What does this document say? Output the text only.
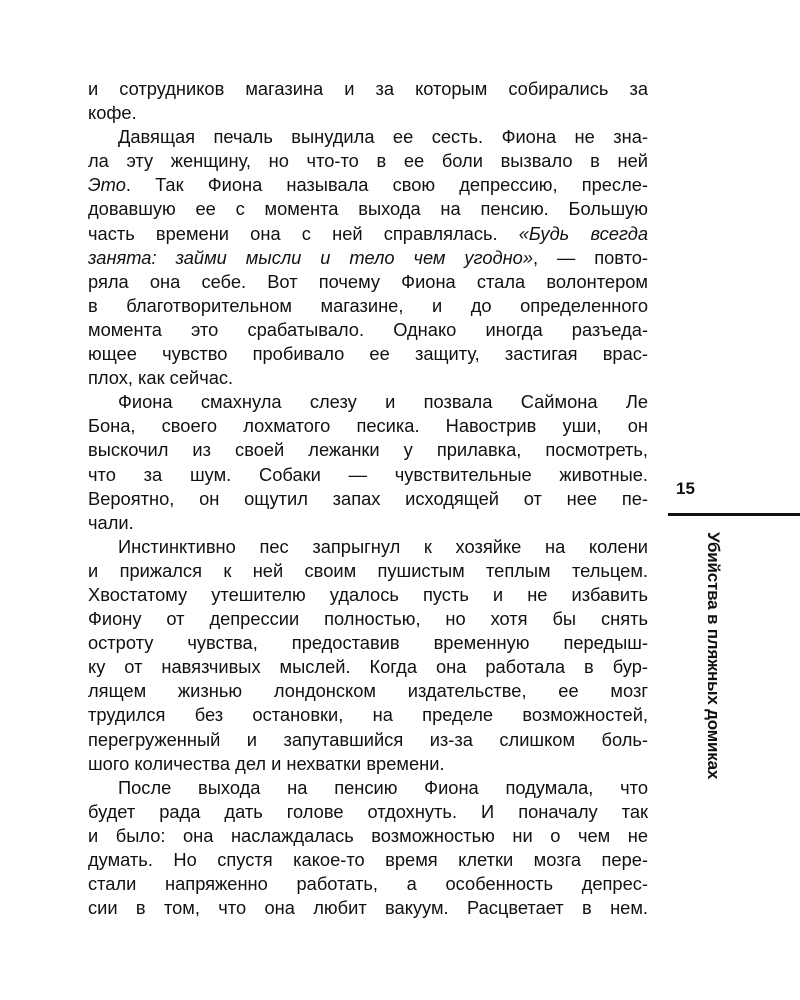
и сотрудников магазина и за которым собирались за
кофе.
Давящая печаль вынудила ее сесть. Фиона не зна-
ла эту женщину, но что-то в ее боли вызвало в ней
Это. Так Фиона называла свою депрессию, пресле-
довавшую ее с момента выхода на пенсию. Большую
часть времени она с ней справлялась. «Будь всегда
занята: займи мысли и тело чем угодно», — повто-
ряла она себе. Вот почему Фиона стала волонтером
в благотворительном магазине, и до определенного
момента это срабатывало. Однако иногда разъеда-
ющее чувство пробивало ее защиту, застигая врас-
плох, как сейчас.
Фиона смахнула слезу и позвала Саймона Ле
Бона, своего лохматого песика. Навострив уши, он
выскочил из своей лежанки у прилавка, посмотреть,
что за шум. Собаки — чувствительные животные.
Вероятно, он ощутил запах исходящей от нее пе-
чали.
Инстинктивно пес запрыгнул к хозяйке на колени
и прижался к ней своим пушистым теплым тельцем.
Хвостатому утешителю удалось пусть и не избавить
Фиону от депрессии полностью, но хотя бы снять
остроту чувства, предоставив временную передыш-
ку от навязчивых мыслей. Когда она работала в бур-
лящем жизнью лондонском издательстве, ее мозг
трудился без остановки, на пределе возможностей,
перегруженный и запутавшийся из-за слишком боль-
шого количества дел и нехватки времени.
После выхода на пенсию Фиона подумала, что
будет рада дать голове отдохнуть. И поначалу так
и было: она наслаждалась возможностью ни о чем не
думать. Но спустя какое-то время клетки мозга пере-
стали напряженно работать, а особенность депрес-
сии в том, что она любит вакуум. Расцветает в нем.
15
Убийства в пляжных домиках
